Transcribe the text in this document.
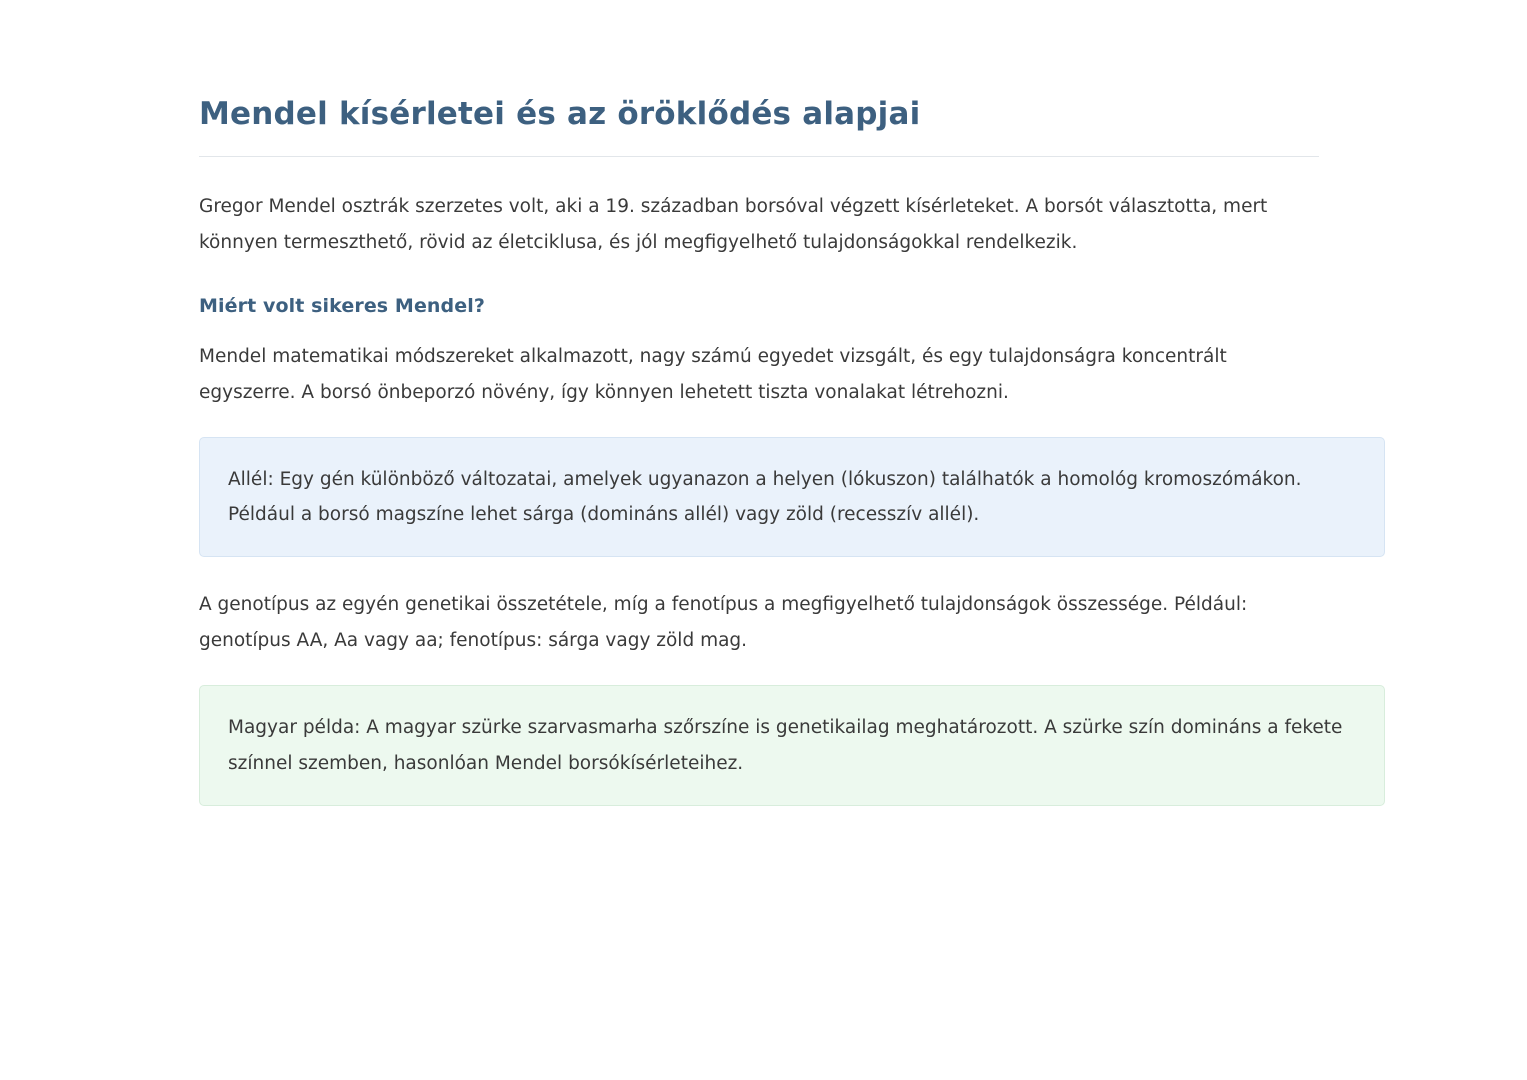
Mendel kísérletei és az öröklődés alapjai

Gregor Mendel osztrák szerzetes volt, aki a 19. században borsóval végzett kísérleteket. A borsót választotta, mert könnyen termeszthető, rövid az életciklusa, és jól megfigyelhető tulajdonságokkal rendelkezik.

Miért volt sikeres Mendel?

Mendel matematikai módszereket alkalmazott, nagy számú egyedet vizsgált, és egy tulajdonságra koncentrált egyszerre. A borsó önbeporzó növény, így könnyen lehetett tiszta vonalakat létrehozni.

Allél: Egy gén különböző változatai, amelyek ugyanazon a helyen (lókuszon) találhatók a homológ kromoszómákon. Például a borsó magszíne lehet sárga (domináns allél) vagy zöld (recesszív allél).

A genotípus az egyén genetikai összetétele, míg a fenotípus a megfigyelhető tulajdonságok összessége. Például: genotípus AA, Aa vagy aa; fenotípus: sárga vagy zöld mag.

Magyar példa: A magyar szürke szarvasmarha szőrszíne is genetikailag meghatározott. A szürke szín domináns a fekete színnel szemben, hasonlóan Mendel borsókísérleteihez.
